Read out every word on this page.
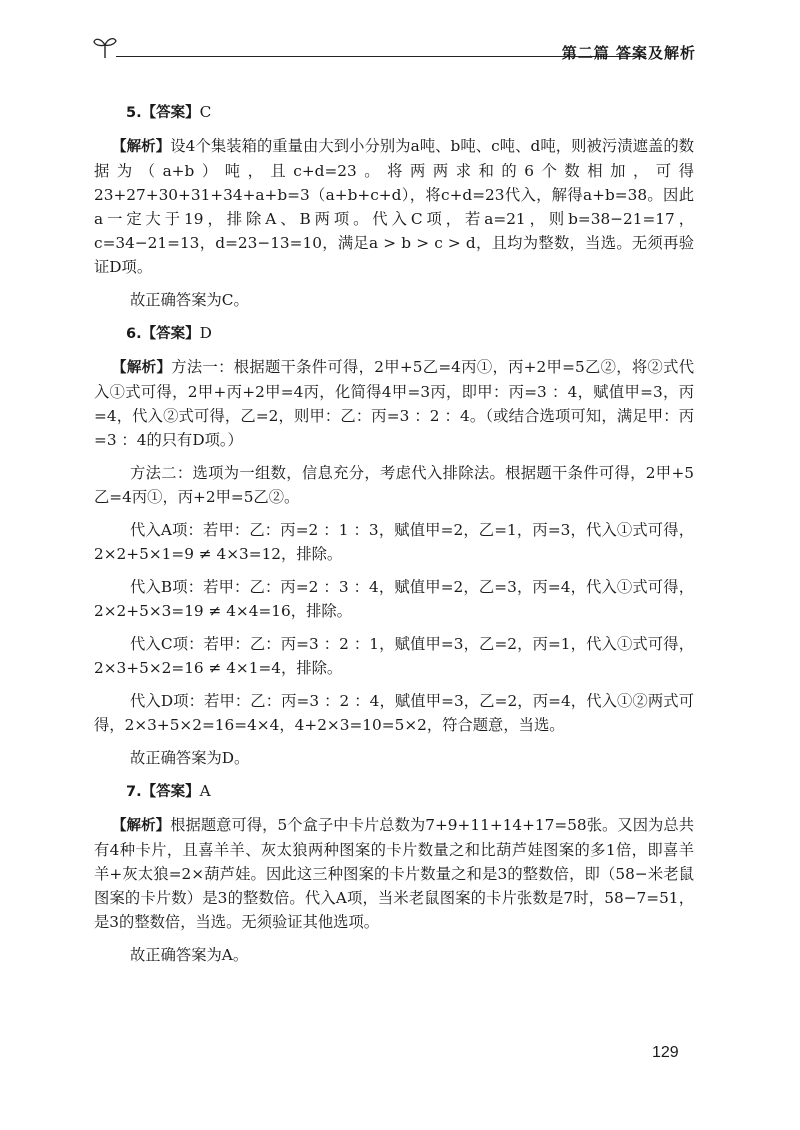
第二篇 答案及解析

5.【答案】C

【解析】设4个集装箱的重量由大到小分别为a吨、b吨、c吨、d吨，则被污渍遮盖的数据为（a+b）吨，且c+d=23。将两两求和的6个数相加，可得23+27+30+31+34+a+b=3（a+b+c+d），将c+d=23代入，解得a+b=38。因此a一定大于19，排除A、B两项。代入C项，若a=21，则b=38−21=17，c=34−21=13，d=23−13=10，满足a > b > c > d，且均为整数，当选。无须再验证D项。

故正确答案为C。

6.【答案】D

【解析】方法一：根据题干条件可得，2甲+5乙=4丙①，丙+2甲=5乙②，将②式代入①式可得，2甲+丙+2甲=4丙，化简得4甲=3丙，即甲：丙=3 ：4，赋值甲=3，丙=4，代入②式可得，乙=2，则甲：乙：丙=3 ：2 ：4。（或结合选项可知，满足甲：丙=3 ：4的只有D项。）

方法二：选项为一组数，信息充分，考虑代入排除法。根据题干条件可得，2甲+5乙=4丙①，丙+2甲=5乙②。

代入A项：若甲：乙：丙=2 ：1 ：3，赋值甲=2，乙=1，丙=3，代入①式可得，2×2+5×1=9 ≠ 4×3=12，排除。

代入B项：若甲：乙：丙=2 ：3 ：4，赋值甲=2，乙=3，丙=4，代入①式可得，2×2+5×3=19 ≠ 4×4=16，排除。

代入C项：若甲：乙：丙=3 ：2 ：1，赋值甲=3，乙=2，丙=1，代入①式可得，2×3+5×2=16 ≠ 4×1=4，排除。

代入D项：若甲：乙：丙=3 ：2 ：4，赋值甲=3，乙=2，丙=4，代入①②两式可得，2×3+5×2=16=4×4，4+2×3=10=5×2，符合题意，当选。

故正确答案为D。

7.【答案】A

【解析】根据题意可得，5个盒子中卡片总数为7+9+11+14+17=58张。又因为总共有4种卡片，且喜羊羊、灰太狼两种图案的卡片数量之和比葫芦娃图案的多1倍，即喜羊羊+灰太狼=2×葫芦娃。因此这三种图案的卡片数量之和是3的整数倍，即（58−米老鼠图案的卡片数）是3的整数倍。代入A项，当米老鼠图案的卡片张数是7时，58−7=51，是3的整数倍，当选。无须验证其他选项。

故正确答案为A。

129
